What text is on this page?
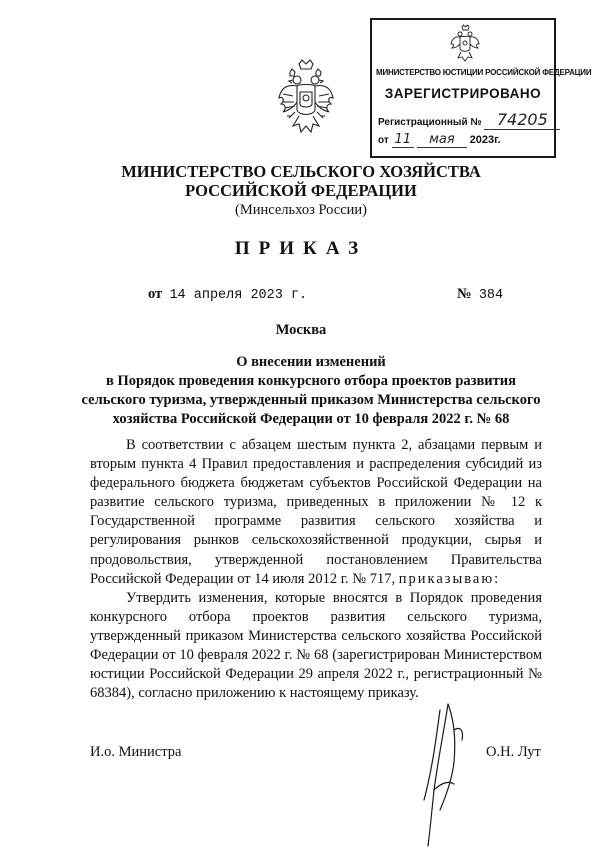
МИНИСТЕРСТВО ЮСТИЦИИ РОССИЙСКОЙ ФЕДЕРАЦИИ
ЗАРЕГИСТРИРОВАНО
Регистрационный № 74205
от 11 мая 2023г.
МИНИСТЕРСТВО СЕЛЬСКОГО ХОЗЯЙСТВА
РОССИЙСКОЙ ФЕДЕРАЦИИ
(Минсельхоз России)
ПРИКАЗ
от 14 апреля 2023 г.	№ 384
Москва
О внесении изменений
в Порядок проведения конкурсного отбора проектов развития
сельского туризма, утвержденный приказом Министерства сельского
хозяйства Российской Федерации от 10 февраля 2022 г. № 68

В соответствии с абзацем шестым пункта 2, абзацами первым и вторым пункта 4 Правил предоставления и распределения субсидий из федерального бюджета бюджетам субъектов Российской Федерации на развитие сельского туризма, приведенных в приложении № 12 к Государственной программе развития сельского хозяйства и регулирования рынков сельскохозяйственной продукции, сырья и продовольствия, утвержденной постановлением Правительства Российской Федерации от 14 июля 2012 г. № 717, приказываю:

Утвердить изменения, которые вносятся в Порядок проведения конкурсного отбора проектов развития сельского туризма, утвержденный приказом Министерства сельского хозяйства Российской Федерации от 10 февраля 2022 г. № 68 (зарегистрирован Министерством юстиции Российской Федерации 29 апреля 2022 г., регистрационный № 68384), согласно приложению к настоящему приказу.

И.о. Министра	О.Н. Лут
